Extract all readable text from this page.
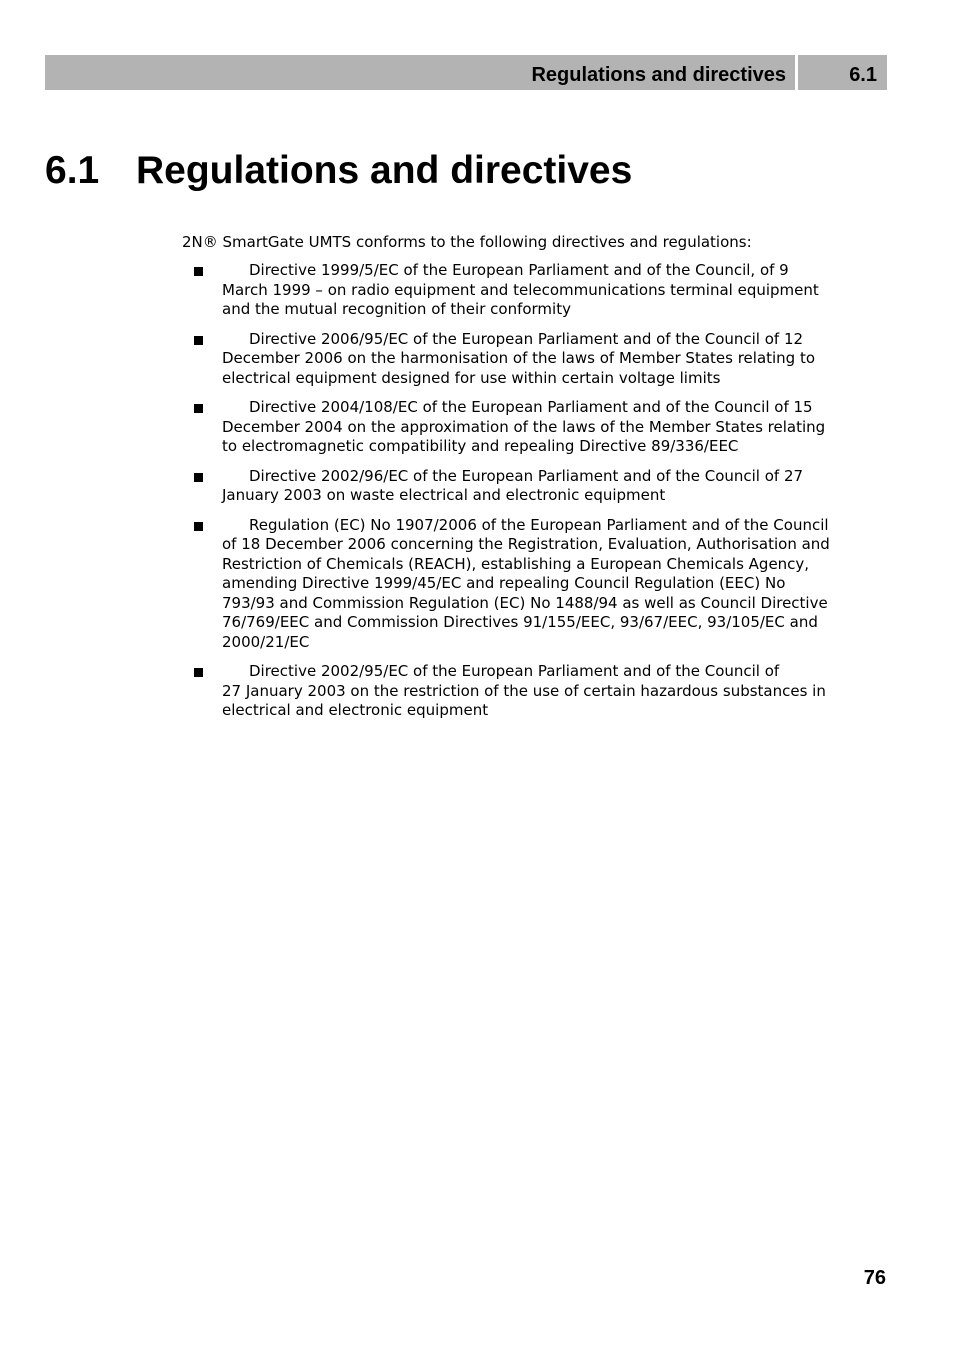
Regulations and directives	6.1
6.1 Regulations and directives
2N® SmartGate UMTS conforms to the following directives and regulations:
Directive 1999/5/EC of the European Parliament and of the Council, of 9
March 1999 – on radio equipment and telecommunications terminal equipment
and the mutual recognition of their conformity
Directive 2006/95/EC of the European Parliament and of the Council of 12
December 2006 on the harmonisation of the laws of Member States relating to
electrical equipment designed for use within certain voltage limits
Directive 2004/108/EC of the European Parliament and of the Council of 15
December 2004 on the approximation of the laws of the Member States relating
to electromagnetic compatibility and repealing Directive 89/336/EEC
Directive 2002/96/EC of the European Parliament and of the Council of 27
January 2003 on waste electrical and electronic equipment
Regulation (EC) No 1907/2006 of the European Parliament and of the Council
of 18 December 2006 concerning the Registration, Evaluation, Authorisation and
Restriction of Chemicals (REACH), establishing a European Chemicals Agency,
amending Directive 1999/45/EC and repealing Council Regulation (EEC) No
793/93 and Commission Regulation (EC) No 1488/94 as well as Council Directive
76/769/EEC and Commission Directives 91/155/EEC, 93/67/EEC, 93/105/EC and
2000/21/EC
Directive 2002/95/EC of the European Parliament and of the Council of
27 January 2003 on the restriction of the use of certain hazardous substances in
electrical and electronic equipment
76
